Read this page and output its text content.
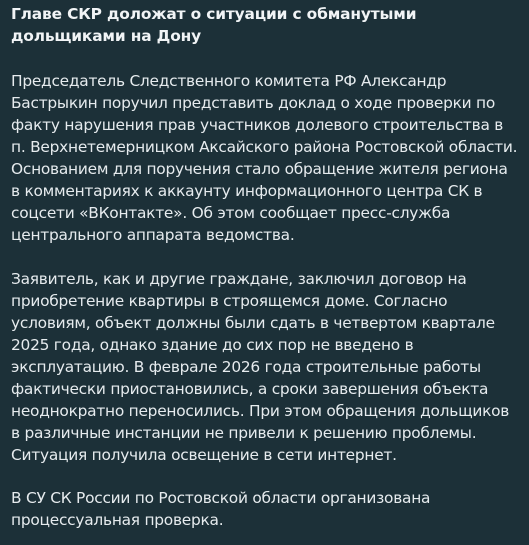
Главе СКР доложат о ситуации с обманутыми дольщиками на Дону

Председатель Следственного комитета РФ Александр Бастрыкин поручил представить доклад о ходе проверки по факту нарушения прав участников долевого строительства в п. Верхнетемерницком Аксайского района Ростовской области. Основанием для поручения стало обращение жителя региона в комментариях к аккаунту информационного центра СК в соцсети «ВКонтакте». Об этом сообщает пресс-служба центрального аппарата ведомства.

Заявитель, как и другие граждане, заключил договор на приобретение квартиры в строящемся доме. Согласно условиям, объект должны были сдать в четвертом квартале 2025 года, однако здание до сих пор не введено в эксплуатацию. В феврале 2026 года строительные работы фактически приостановились, а сроки завершения объекта неоднократно переносились. При этом обращения дольщиков в различные инстанции не привели к решению проблемы. Ситуация получила освещение в сети интернет.

В СУ СК России по Ростовской области организована процессуальная проверка.
